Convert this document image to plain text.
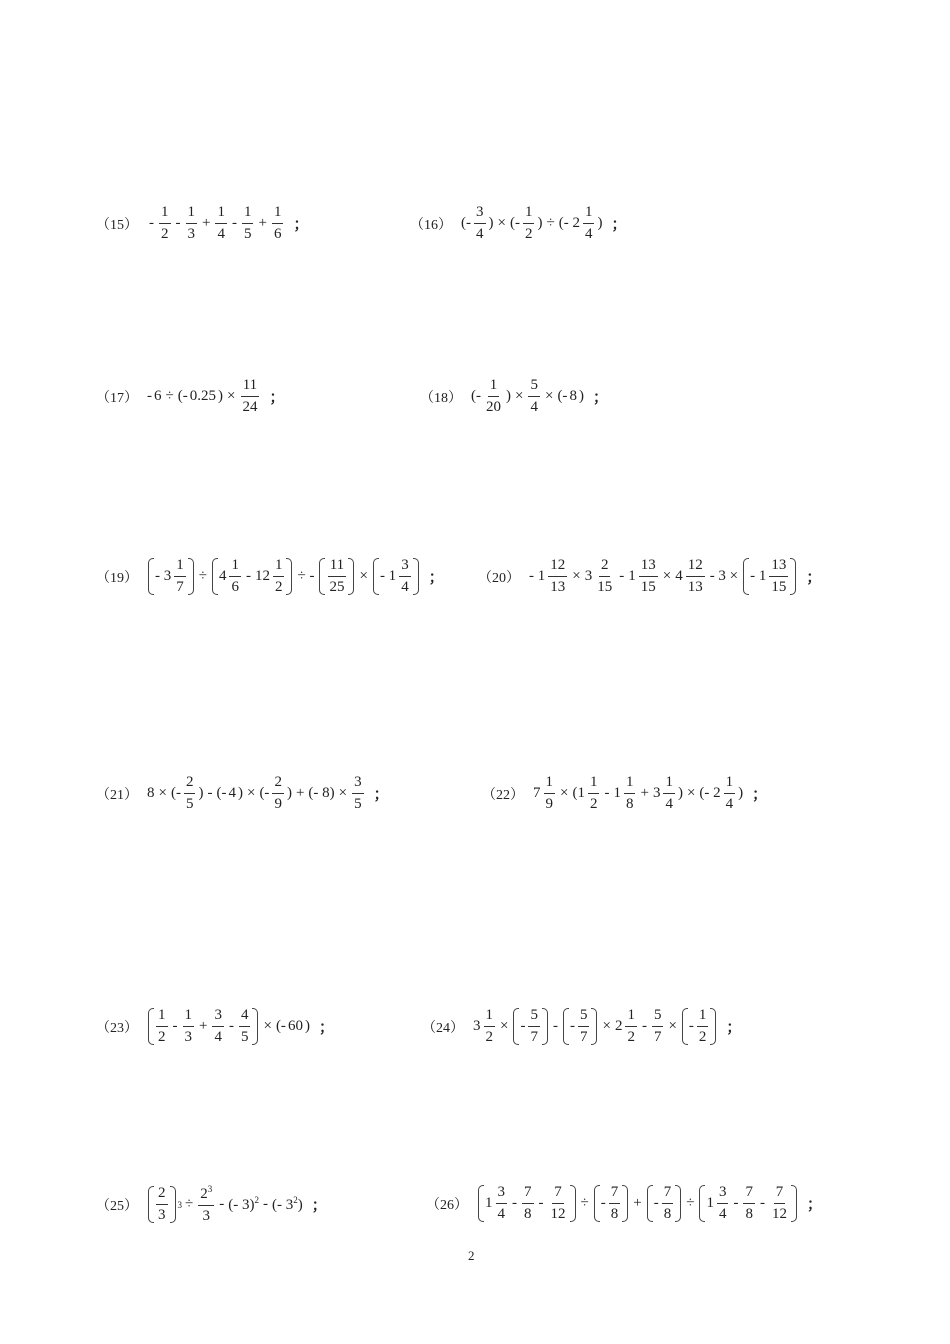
（15） -
1
2
-
1
3
+ $\frac{1}{4}$ -
1
5
+ $\frac{1}{6}$ ；	（16） (-
3
4
) × (-
1
2
) ÷ (- 2
1
4
) ；
（17） - 6 ÷ (- 0.25 ) × $\frac{11}{24}$ ；	（18） (-
1
20
) × $\frac{5}{4}$ × (- 8 ) ；
（19） - 3
1
7
÷ 4
1
6
- 12
1
2
÷ -
11
25
× - 1
3
4
； $(20) - 1 \frac{12}{13} \times 3$
2
15
- $1 \frac{13}{15} \times 4$
12
13
- 3 × - 1
13
15
；
（21） 8 × (-
2
5
) - (- 4 ) × (-
2
9
) + (- $8) \times \frac{3}{5}$ ；	（22） $7 \frac{1}{9} \times (1$
1
2
- 1
1
8
+ 3
1
4
) × (- 2
1
4
) ；
（23）
1
2
-
1
3
+ $\frac{3}{4}$ -
4
5
× (- 60 ) ；	（24） $3 \frac{1}{2}$ × -
5
7
- -
5
7
× 2
1
2
- $\frac{5}{7}$ × -
1
2
；
（25）
2
3
$3 \div \frac{2^3}{3}$ - (- 3)$^2$ - (- $3^2$) ；	（26） 1
3
4
-
7
8
-
7
12
÷ -
7
8
+ -
7
8
÷ 1
3
4
-
7
8
-
7
12
；
2
